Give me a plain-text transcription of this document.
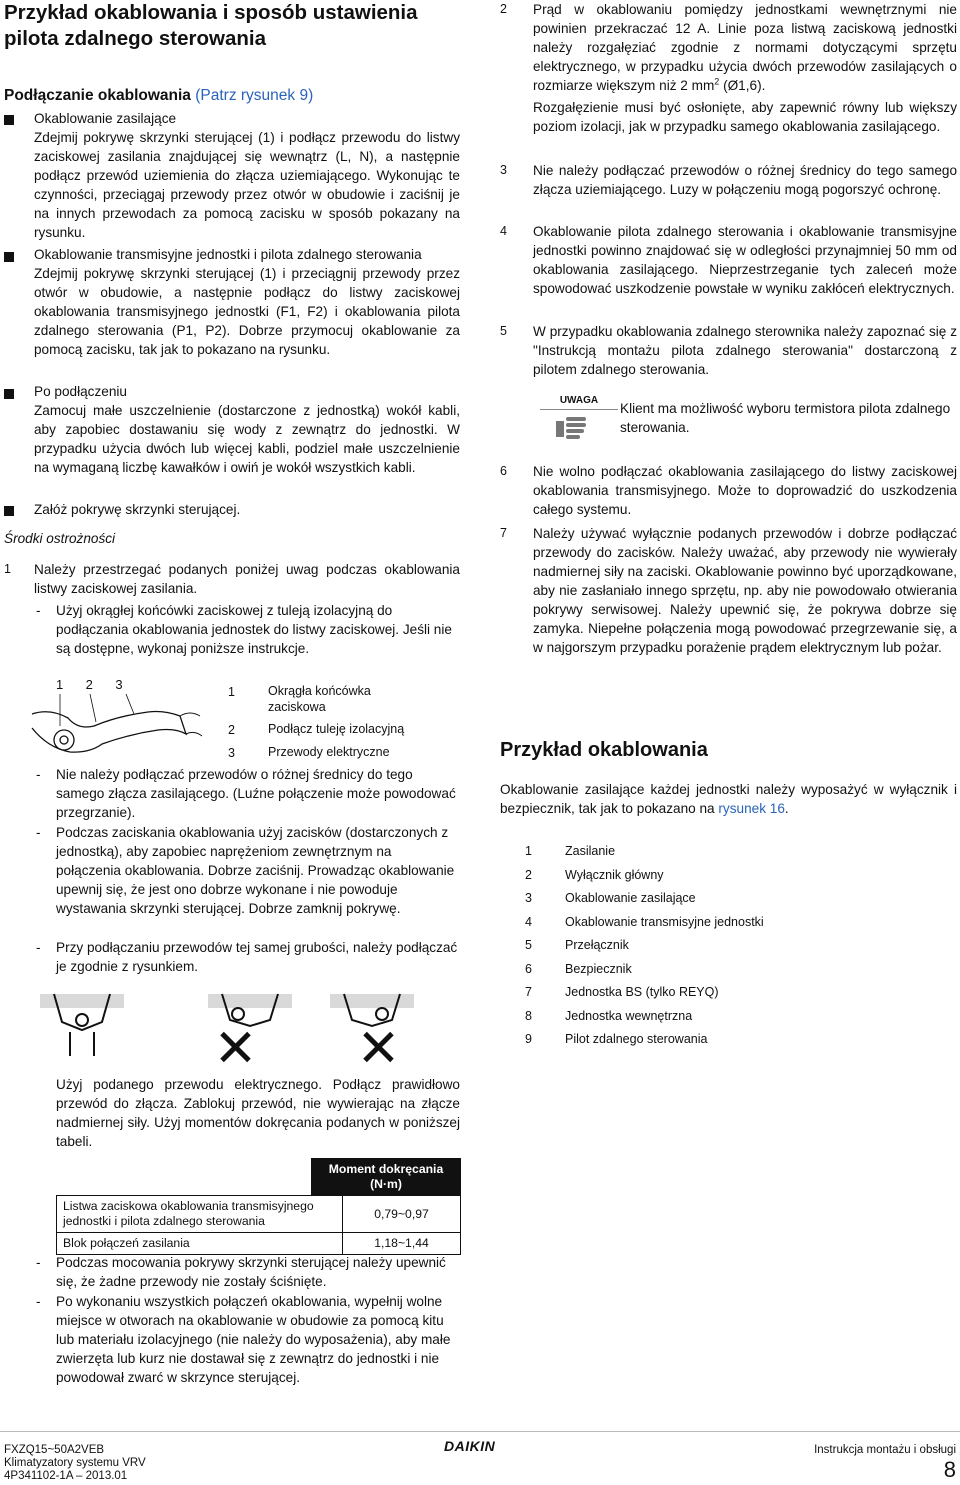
Przykład okablowania i sposób ustawienia
pilota zdalnego sterowania
Podłączanie okablowania (Patrz rysunek 9)
Okablowanie zasilające
Zdejmij pokrywę skrzynki sterującej (1) i podłącz przewodu do listwy zaciskowej zasilania znajdującej się wewnątrz (L, N), a następnie podłącz przewód uziemienia do złącza uziemiającego. Wykonując te czynności, przeciągaj przewody przez otwór w obudowie i zaciśnij je na innych przewodach za pomocą zacisku w sposób pokazany na rysunku.
Okablowanie transmisyjne jednostki i pilota zdalnego sterowania
Zdejmij pokrywę skrzynki sterującej (1) i przeciągnij przewody przez otwór w obudowie, a następnie podłącz do listwy zaciskowej okablowania transmisyjnego jednostki (F1, F2) i okablowania pilota zdalnego sterowania (P1, P2). Dobrze przymocuj okablowanie za pomocą zacisku, tak jak to pokazano na rysunku.
Po podłączeniu
Zamocuj małe uszczelnienie (dostarczone z jednostką) wokół kabli, aby zapobiec dostawaniu się wody z zewnątrz do jednostki. W przypadku użycia dwóch lub więcej kabli, podziel małe uszczelnienie na wymaganą liczbę kawałków i owiń je wokół wszystkich kabli.
Załóż pokrywę skrzynki sterującej.
Środki ostrożności
1 Należy przestrzegać podanych poniżej uwag podczas okablowania listwy zaciskowej zasilania.
- Użyj okrągłej końcówki zaciskowej z tuleją izolacyjną do podłączania okablowania jednostek do listwy zaciskowej. Jeśli nie są dostępne, wykonaj poniższe instrukcje.
1    2    3	1	Okrągła końcówka zaciskowa
2	Podłącz tuleję izolacyjną
3	Przewody elektryczne
- Nie należy podłączać przewodów o różnej średnicy do tego samego złącza zasilającego. (Luźne połączenie może powodować przegrzanie).
- Podczas zaciskania okablowania użyj zacisków (dostarczonych z jednostką), aby zapobiec naprężeniom zewnętrznym na połączenia okablowania. Dobrze zaciśnij. Prowadząc okablowanie upewnij się, że jest ono dobrze wykonane i nie powoduje wystawania skrzynki sterującej. Dobrze zamknij pokrywę.
- Przy podłączaniu przewodów tej samej grubości, należy podłączać je zgodnie z rysunkiem.
Użyj podanego przewodu elektrycznego. Podłącz prawidłowo przewód do złącza. Zablokuj przewód, nie wywierając na złącze nadmiernej siły. Użyj momentów dokręcania podanych w poniższej tabeli.
	Moment dokręcania (N·m)	
Listwa zaciskowa okablowania transmisyjnego jednostki i pilota zdalnego sterowania		0,79~0,97
Blok połączeń zasilania		1,18~1,44
- Podczas mocowania pokrywy skrzynki sterującej należy upewnić się, że żadne przewody nie zostały ściśnięte.
- Po wykonaniu wszystkich połączeń okablowania, wypełnij wolne miejsce w otworach na okablowanie w obudowie za pomocą kitu lub materiału izolacyjnego (nie należy do wyposażenia), aby małe zwierzęta lub kurz nie dostawał się z zewnątrz do jednostki i nie powodował zwarć w skrzynce sterującej.
2 Prąd w okablowaniu pomiędzy jednostkami wewnętrznymi nie powinien przekraczać 12 A. Linie poza listwą zaciskową jednostki należy rozgałęziać zgodnie z normami dotyczącymi sprzętu elektrycznego, w przypadku użycia dwóch przewodów zasilających o rozmiarze większym niż 2 $mm^2$ (Ø1,6).
Rozgałęzienie musi być osłonięte, aby zapewnić równy lub większy poziom izolacji, jak w przypadku samego okablowania zasilającego.
3 Nie należy podłączać przewodów o różnej średnicy do tego samego złącza uziemiającego. Luzy w połączeniu mogą pogorszyć ochronę.
4 Okablowanie pilota zdalnego sterowania i okablowanie transmisyjne jednostki powinno znajdować się w odległości przynajmniej 50 mm od okablowania zasilającego. Nieprzestrzeganie tych zaleceń może spowodować uszkodzenie powstałe w wyniku zakłóceń elektrycznych.
5 W przypadku okablowania zdalnego sterownika należy zapoznać się z "Instrukcją montażu pilota zdalnego sterowania" dostarczoną z pilotem zdalnego sterowania.
UWAGA
Klient ma możliwość wyboru termistora pilota zdalnego sterowania.
6 Nie wolno podłączać okablowania zasilającego do listwy zaciskowej okablowania transmisyjnego. Może to doprowadzić do uszkodzenia całego systemu.
7 Należy używać wyłącznie podanych przewodów i dobrze podłączać przewody do zacisków. Należy uważać, aby przewody nie wywierały nadmiernej siły na zaciski. Okablowanie powinno być uporządkowane, aby nie zasłaniało innego sprzętu, np. aby nie powodowało otwierania pokrywy serwisowej. Należy upewnić się, że pokrywa dobrze się zamyka. Niepełne połączenia mogą powodować przegrzewanie się, a w najgorszym przypadku porażenie prądem elektrycznym lub pożar.
Przykład okablowania
Okablowanie zasilające każdej jednostki należy wyposażyć w wyłącznik i bezpiecznik, tak jak to pokazano na rysunek 16.
1	Zasilanie
2	Wyłącznik główny
3	Okablowanie zasilające
4	Okablowanie transmisyjne jednostki
5	Przełącznik
6	Bezpiecznik
7	Jednostka BS (tylko REYQ)
8	Jednostka wewnętrzna
9	Pilot zdalnego sterowania
FXZQ15~50A2VEB
Klimatyzatory systemu VRV
4P341102-1A – 2013.01
DAIKIN	Instrukcja montażu i obsługi
8
